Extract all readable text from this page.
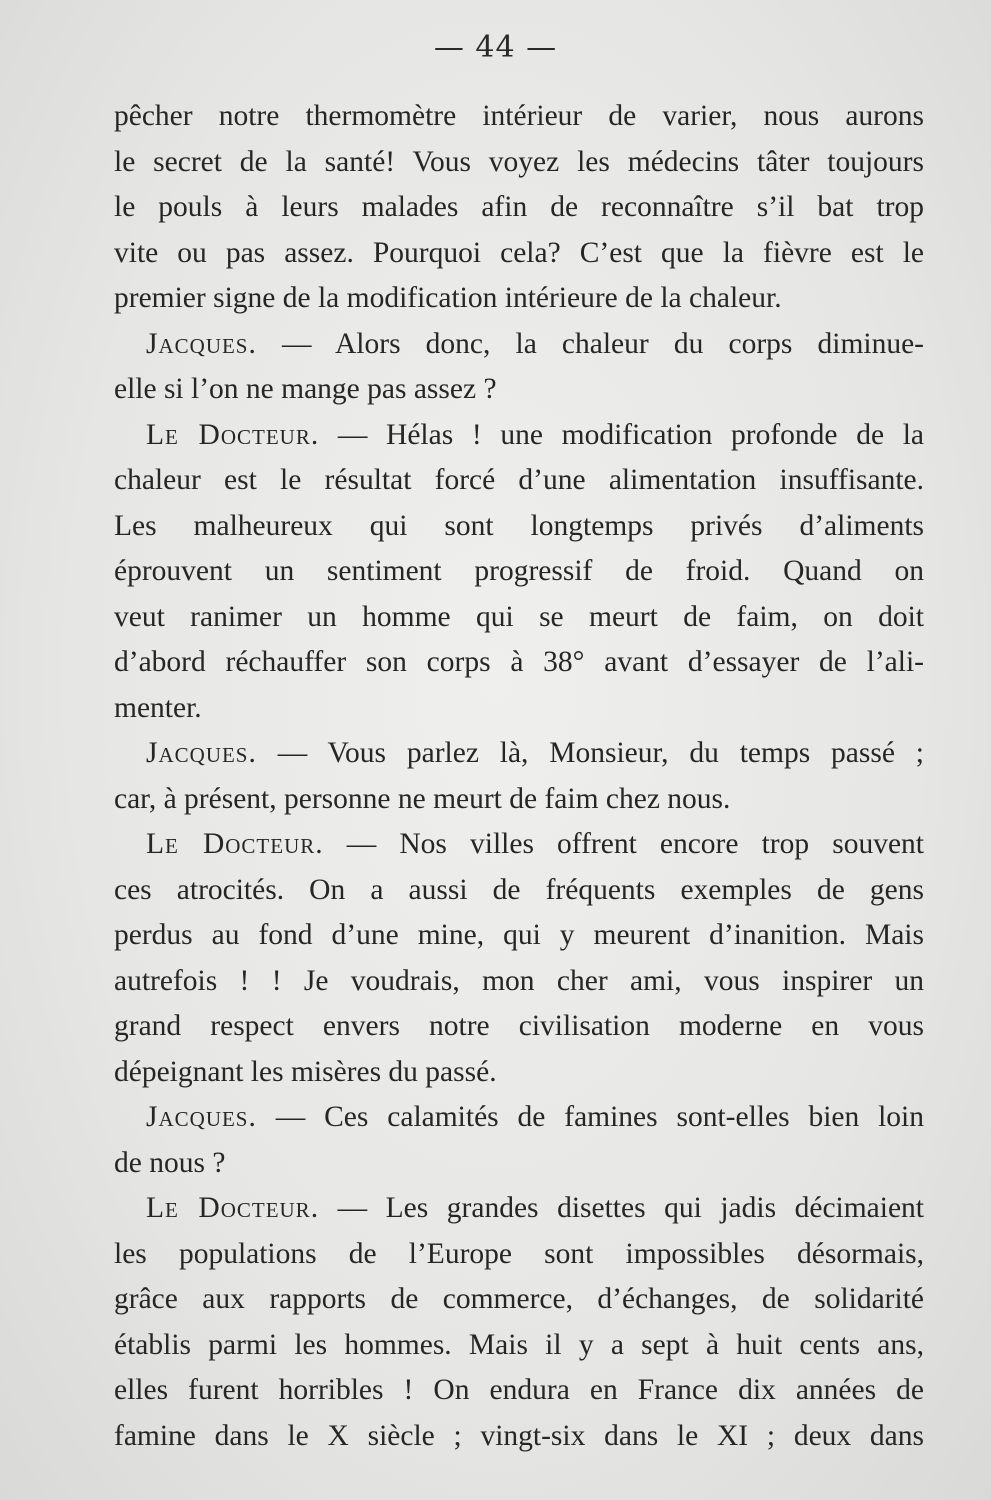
— 44 —
pêcher notre thermomètre intérieur de varier, nous aurons
le secret de la santé! Vous voyez les médecins tâter toujours
le pouls à leurs malades afin de reconnaître s’il bat trop
vite ou pas assez. Pourquoi cela? C’est que la fièvre est le
premier signe de la modification intérieure de la chaleur.
Jacques. — Alors donc, la chaleur du corps diminue-
elle si l’on ne mange pas assez ?
Le Docteur. — Hélas ! une modification profonde de la
chaleur est le résultat forcé d’une alimentation insuffisante.
Les malheureux qui sont longtemps privés d’aliments
éprouvent un sentiment progressif de froid. Quand on
veut ranimer un homme qui se meurt de faim, on doit
d’abord réchauffer son corps à 38° avant d’essayer de l’ali-
menter.
Jacques. — Vous parlez là, Monsieur, du temps passé ;
car, à présent, personne ne meurt de faim chez nous.
Le Docteur. — Nos villes offrent encore trop souvent
ces atrocités. On a aussi de fréquents exemples de gens
perdus au fond d’une mine, qui y meurent d’inanition. Mais
autrefois ! ! Je voudrais, mon cher ami, vous inspirer un
grand respect envers notre civilisation moderne en vous
dépeignant les misères du passé.
Jacques. — Ces calamités de famines sont-elles bien loin
de nous ?
Le Docteur. — Les grandes disettes qui jadis décimaient
les populations de l’Europe sont impossibles désormais,
grâce aux rapports de commerce, d’échanges, de solidarité
établis parmi les hommes. Mais il y a sept à huit cents ans,
elles furent horribles ! On endura en France dix années de
famine dans le X siècle ; vingt-six dans le XI ; deux dans
